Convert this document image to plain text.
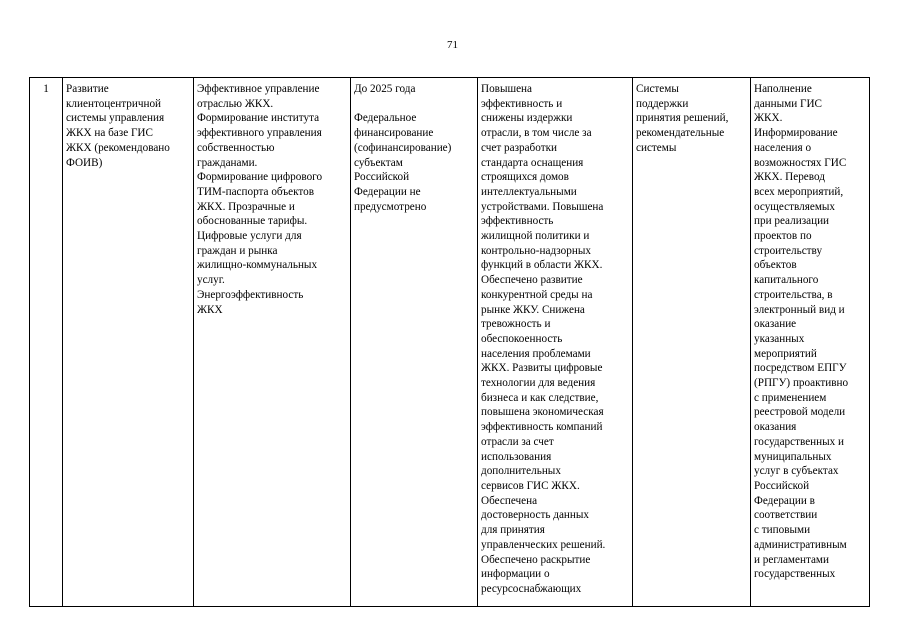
71
1	Развитие
клиентоцентричной
системы управления
ЖКХ на базе ГИС
ЖКХ (рекомендовано
ФОИВ)

Эффективное управление
отраслью ЖКХ.
Формирование института
эффективного управления
собственностью
гражданами.
Формирование цифрового
ТИМ-паспорта объектов
ЖКХ. Прозрачные и
обоснованные тарифы.
Цифровые услуги для
граждан и рынка
жилищно-коммунальных
услуг.
Энергоэффективность
ЖКХ

До 2025 года
Федеральное
финансирование
(софинансирование)
субъектам
Российской
Федерации не
предусмотрено

Повышена
эффективность и
снижены издержки
отрасли, в том числе за
счет разработки
стандарта оснащения
строящихся домов
интеллектуальными
устройствами. Повышена
эффективность
жилищной политики и
контрольно-надзорных
функций в области ЖКХ.
Обеспечено развитие
конкурентной среды на
рынке ЖКУ. Снижена
тревожность и
обеспокоенность
населения проблемами
ЖКХ. Развиты цифровые
технологии для ведения
бизнеса и как следствие,
повышена экономическая
эффективность компаний
отрасли за счет
использования
дополнительных
сервисов ГИС ЖКХ.
Обеспечена
достоверность данных
для принятия
управленческих решений.
Обеспечено раскрытие
информации о
ресурсоснабжающих

Системы
поддержки
принятия решений,
рекомендательные
системы

Наполнение
данными ГИС
ЖКХ.
Информирование
населения о
возможностях ГИС
ЖКХ. Перевод
всех мероприятий,
осуществляемых
при реализации
проектов по
строительству
объектов
капитального
строительства, в
электронный вид и
оказание
указанных
мероприятий
посредством ЕПГУ
(РПГУ) проактивно
с применением
реестровой модели
оказания
государственных и
муниципальных
услуг в субъектах
Российской
Федерации в
соответствии
с типовыми
административным
и регламентами
государственных
